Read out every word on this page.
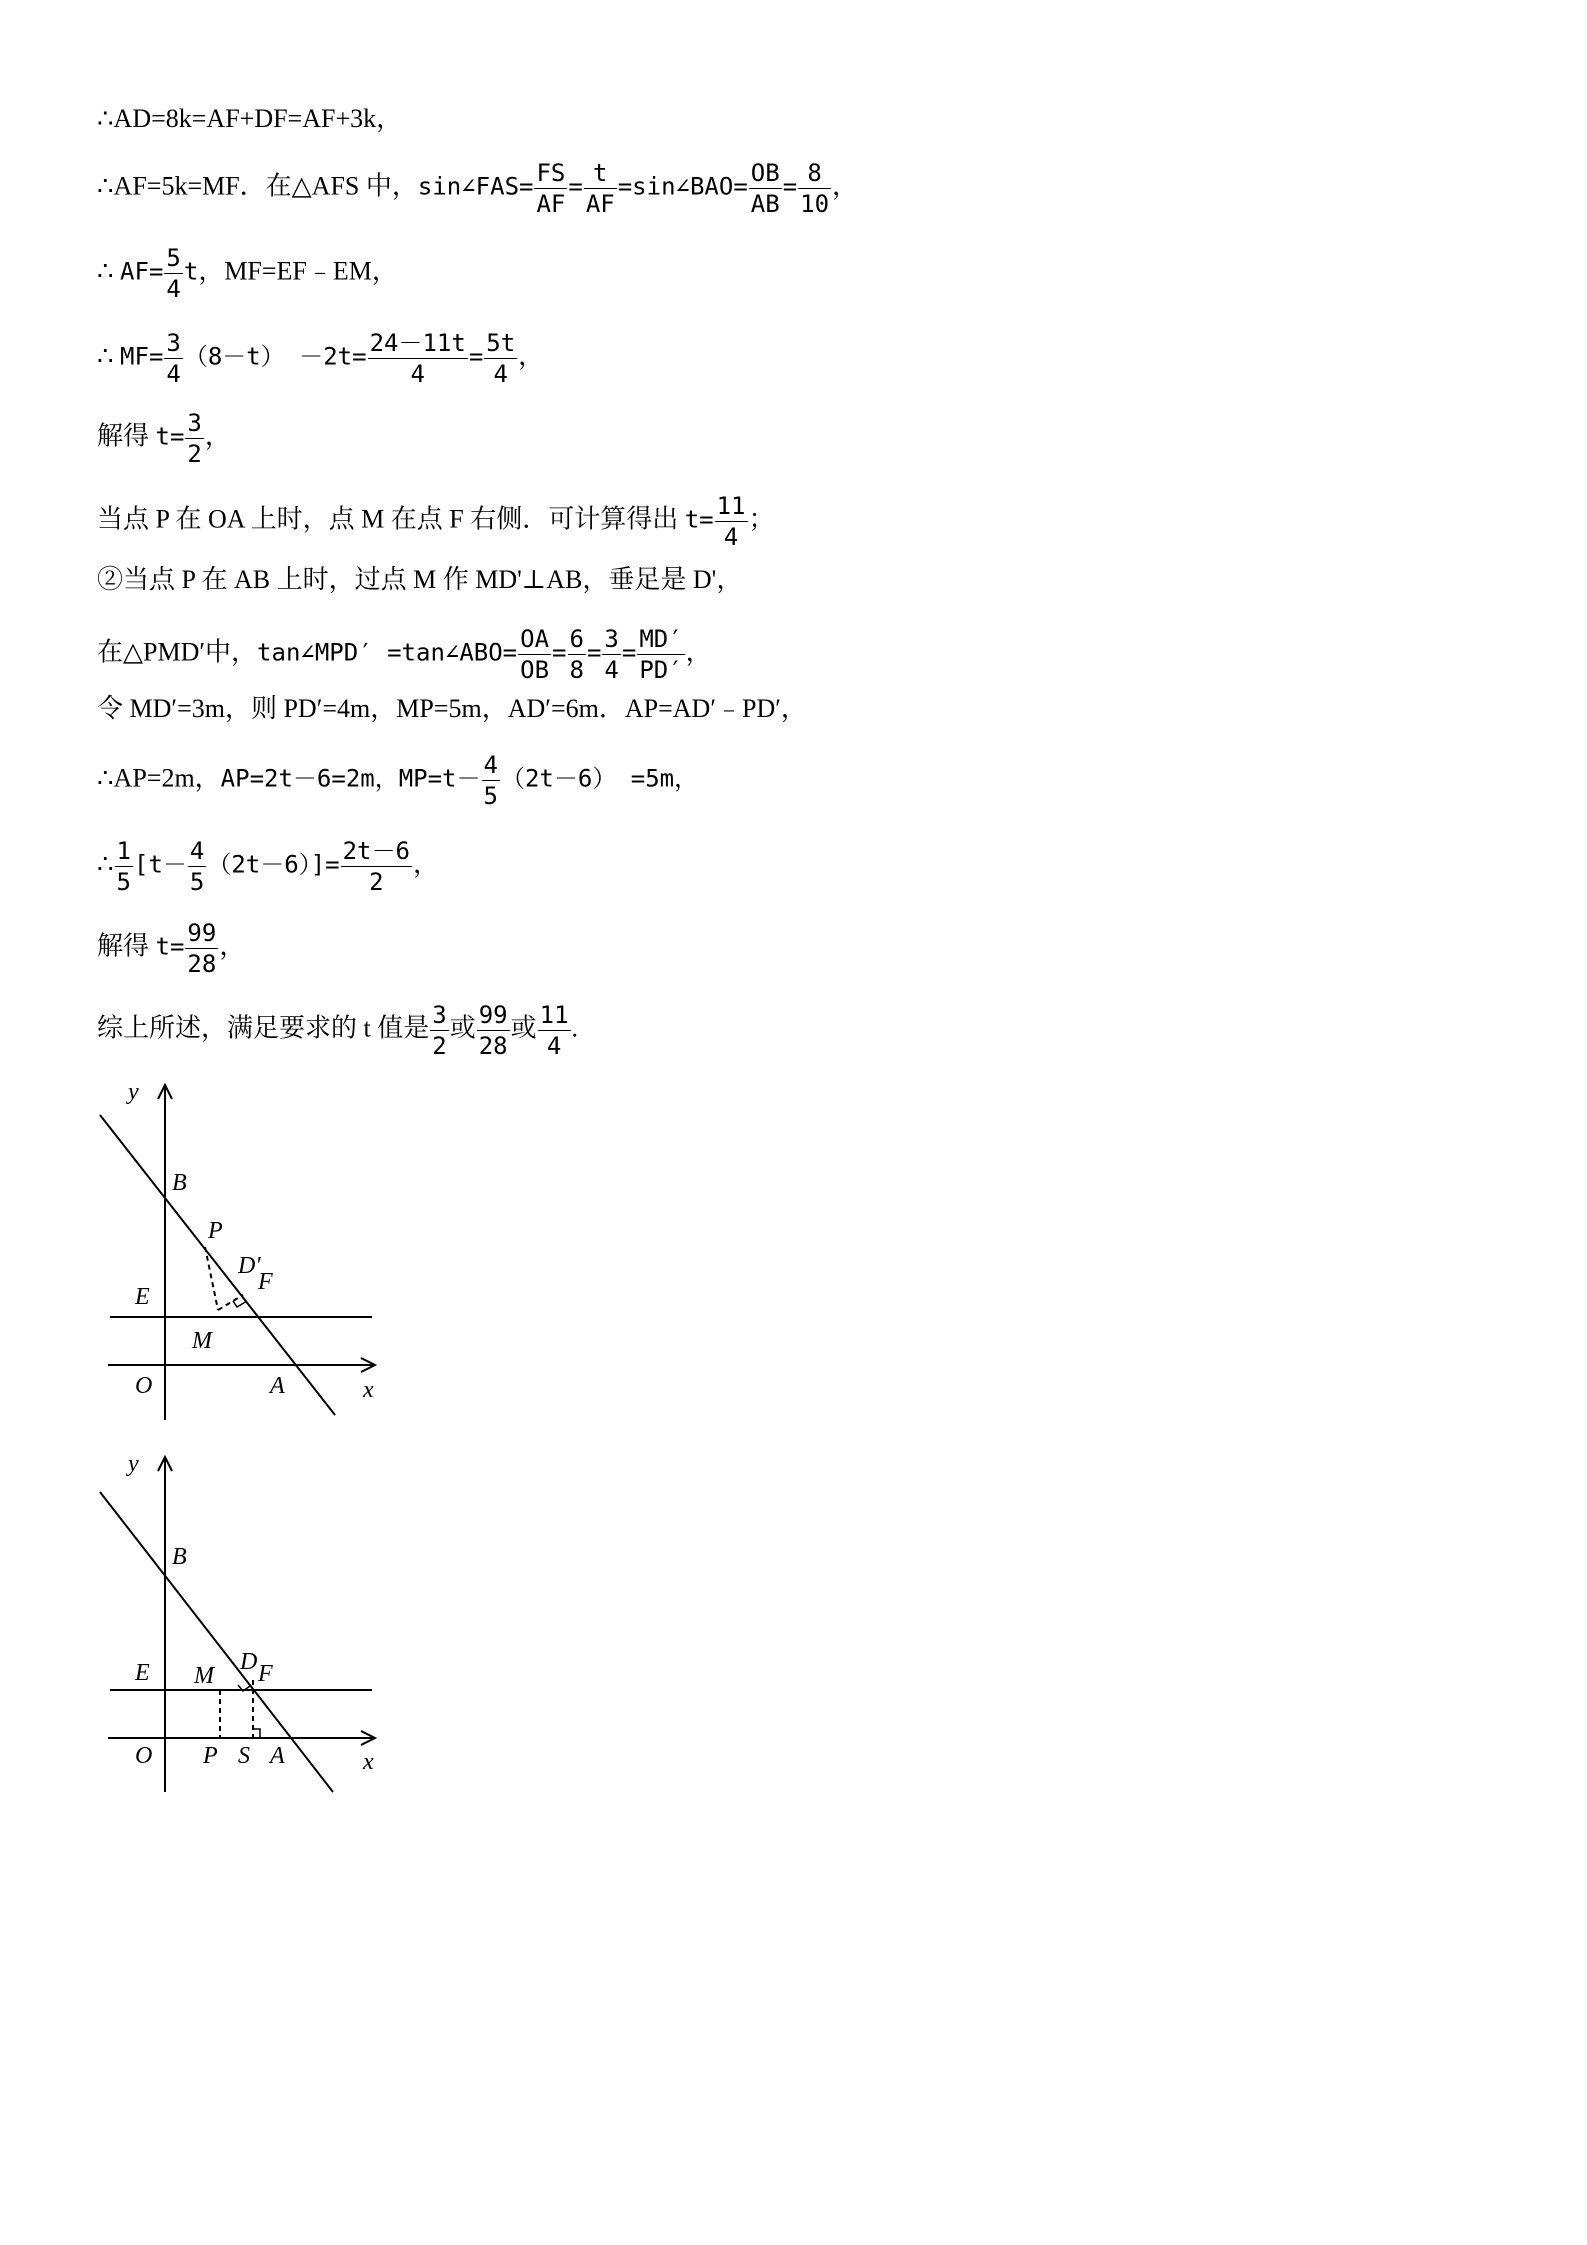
∴AD=8k=AF+DF=AF+3k，
∴AF=5k=MF．在△AFS 中，sin∠FAS= $\frac{FS}{AF} = \frac{t}{AF}$ =sin∠BAO= $\frac{OB}{AB} = \frac{8}{10}$ ，
∴ $AF= \frac{5}{4}$ t，MF=EF﹣EM，
∴ $MF= \frac{3}{4} (8-t) -2t= \frac{24-11t}{4} = \frac{5t}{4}$ ，
解得 $t= \frac{3}{2}$ ，
当点 P 在 OA 上时，点 M 在点 F 右侧．可计算得出 $t= \frac{11}{4}$ ；
②当点 P 在 AB 上时，过点 M 作 MD'⊥AB，垂足是 D'，
在△PMD′中，tan∠MPD′ =tan∠ABO= $\frac{OA}{OB} = \frac{6}{8} = \frac{3}{4} = \frac{MD'}{PD'}$ ，
令 MD′=3m，则 PD′=4m，MP=5m，AD′=6m．AP=AD′﹣PD′，
∴AP=2m，AP=2t－6=2m，$MP=t- \frac{4}{5} (2t-6) =5m$，
∴ $\frac{1}{5} [t- \frac{4}{5} (2t-6)]= \frac{2t-6}{2}$ ，
解得 $t= \frac{99}{28}$ ，
综上所述，满足要求的 t 值是 $\frac{3}{2}$ 或 $\frac{99}{28}$ 或 $\frac{11}{4}$ .
y
B
P
D′
F
E
M
O	A	x
y
B
D F
E M
O P S A	x
